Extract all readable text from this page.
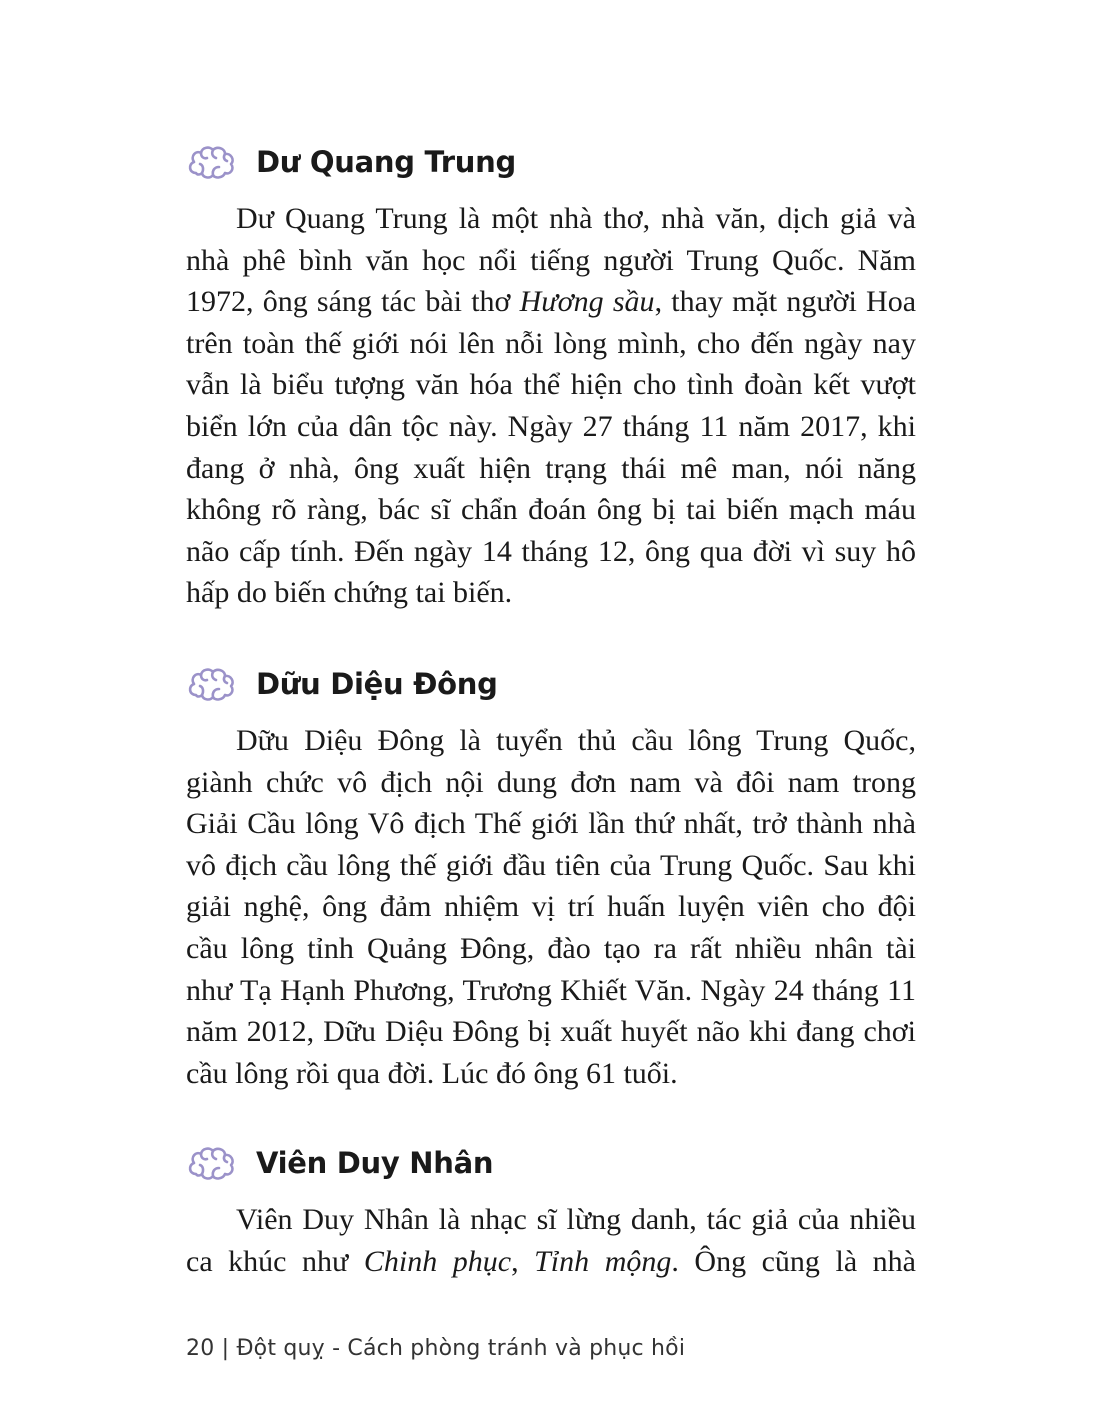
Dư Quang Trung
Dư Quang Trung là một nhà thơ, nhà văn, dịch giả và
nhà phê bình văn học nổi tiếng người Trung Quốc. Năm
1972, ông sáng tác bài thơ Hương sầu, thay mặt người Hoa
trên toàn thế giới nói lên nỗi lòng mình, cho đến ngày nay
vẫn là biểu tượng văn hóa thể hiện cho tình đoàn kết vượt
biển lớn của dân tộc này. Ngày 27 tháng 11 năm 2017, khi
đang ở nhà, ông xuất hiện trạng thái mê man, nói năng
không rõ ràng, bác sĩ chẩn đoán ông bị tai biến mạch máu
não cấp tính. Đến ngày 14 tháng 12, ông qua đời vì suy hô
hấp do biến chứng tai biến.
Dữu Diệu Đông
Dữu Diệu Đông là tuyển thủ cầu lông Trung Quốc,
giành chức vô địch nội dung đơn nam và đôi nam trong
Giải Cầu lông Vô địch Thế giới lần thứ nhất, trở thành nhà
vô địch cầu lông thế giới đầu tiên của Trung Quốc. Sau khi
giải nghệ, ông đảm nhiệm vị trí huấn luyện viên cho đội
cầu lông tỉnh Quảng Đông, đào tạo ra rất nhiều nhân tài
như Tạ Hạnh Phương, Trương Khiết Văn. Ngày 24 tháng 11
năm 2012, Dữu Diệu Đông bị xuất huyết não khi đang chơi
cầu lông rồi qua đời. Lúc đó ông 61 tuổi.
Viên Duy Nhân
Viên Duy Nhân là nhạc sĩ lừng danh, tác giả của nhiều
ca khúc như Chinh phục, Tỉnh mộng. Ông cũng là nhà
20 | Đột quỵ - Cách phòng tránh và phục hồi
